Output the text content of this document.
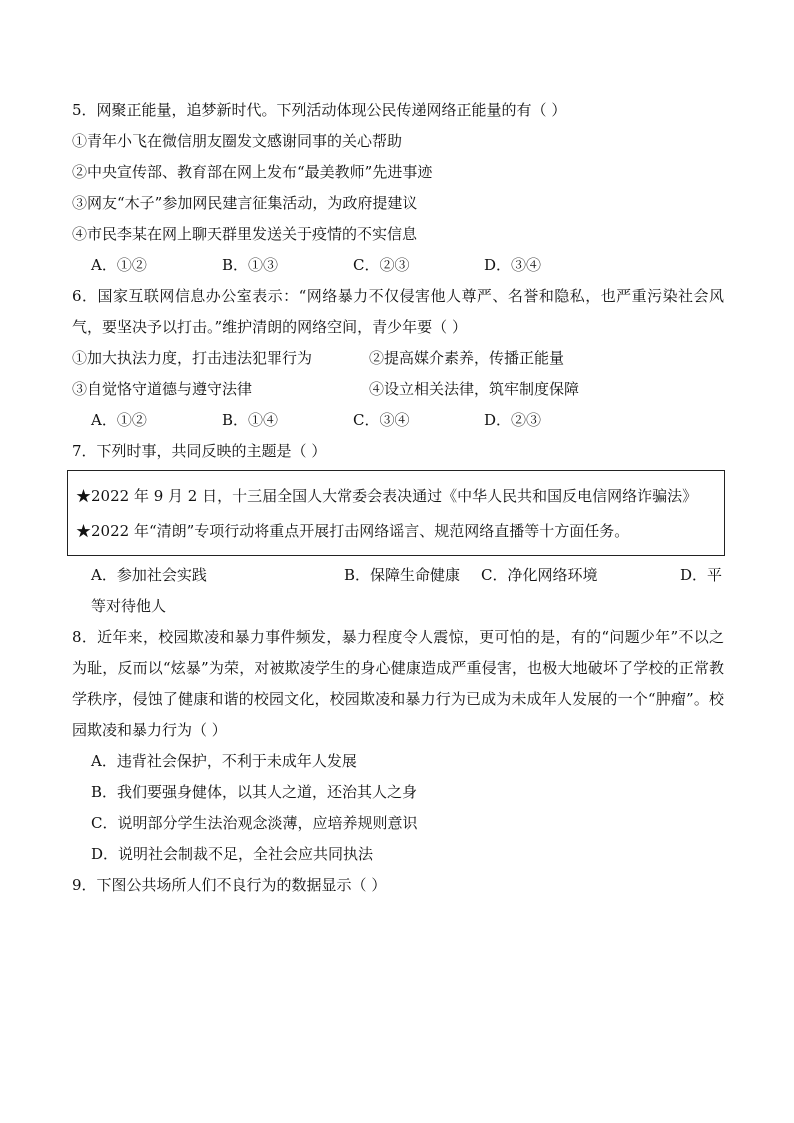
5．网聚正能量，追梦新时代。下列活动体现公民传递网络正能量的有（ ）
①青年小飞在微信朋友圈发文感谢同事的关心帮助
②中央宣传部、教育部在网上发布“最美教师”先进事迹
③网友“木子”参加网民建言征集活动，为政府提建议
④市民李某在网上聊天群里发送关于疫情的不实信息
A．①②	B．①③	C．②③	D．③④
6．国家互联网信息办公室表示：“网络暴力不仅侵害他人尊严、名誉和隐私，也严重污染社会风气，要坚决予以打击。”维护清朗的网络空间，青少年要（ ）
①加大执法力度，打击违法犯罪行为	②提高媒介素养，传播正能量
③自觉恪守道德与遵守法律	④设立相关法律，筑牢制度保障
A．①②	B．①④	C．③④	D．②③
7．下列时事，共同反映的主题是（ ）
★2022 年 9 月 2 日，十三届全国人大常委会表决通过《中华人民共和国反电信网络诈骗法》
★2022 年“清朗”专项行动将重点开展打击网络谣言、规范网络直播等十方面任务。
A．参加社会实践	B．保障生命健康 C．净化网络环境	D．平
等对待他人
8．近年来，校园欺凌和暴力事件频发，暴力程度令人震惊，更可怕的是，有的“问题少年”不以之为耻，反而以“炫暴”为荣，对被欺凌学生的身心健康造成严重侵害，也极大地破坏了学校的正常教学秩序，侵蚀了健康和谐的校园文化，校园欺凌和暴力行为已成为未成年人发展的一个“肿瘤”。校园欺凌和暴力行为（ ）
A．违背社会保护，不利于未成年人发展
B．我们要强身健体，以其人之道，还治其人之身
C．说明部分学生法治观念淡薄，应培养规则意识
D．说明社会制裁不足，全社会应共同执法
9．下图公共场所人们不良行为的数据显示（ ）
